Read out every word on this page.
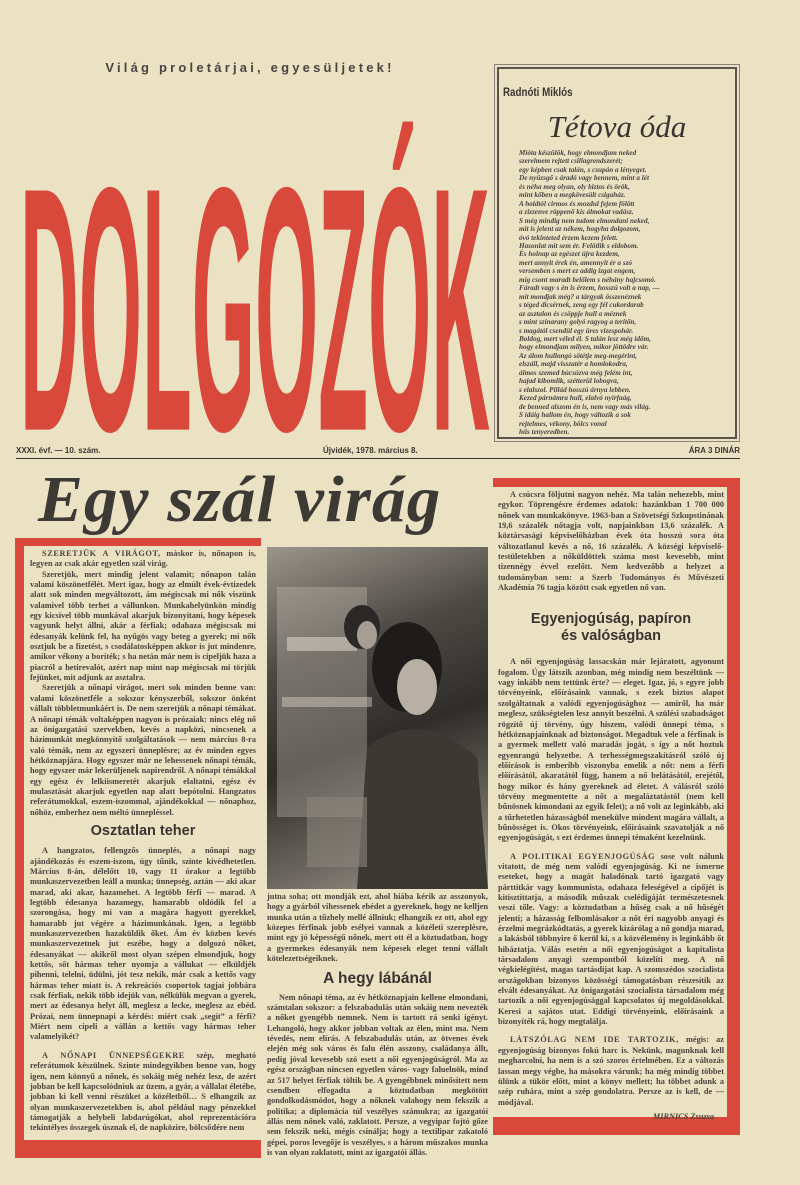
Világ proletárjai, egyesüljetek!
DOLGOZÓK
Radnóti Miklós
Tétova óda
Mióta készülök, hogy elmondjam neked
szerelmem rejtett csillagrendszerét;
egy képben csak talán, s csupán a lényeget.
De nyüzsgő s áradó vagy bennem, mint a lét
és néha meg olyan, oly biztos és örök,
mint kőben a megkövesült csigaház.
A holdtól cirmos és mozdul fejem fölött
a zizzenve röppenő kis álmokat vadász.
S még mindig nem tudom elmondani neked,
mit is jelent az nékem, hogyha dolgozom,
óvó tekinteted érzem kezem felett.
Hasonlat mit sem ér. Felötlik s eldobom.
És holnap az egészet újra kezdem,
mert annyit érek én, amennyit ér a szó
versemben s mert ez addig izgat engem,
míg csont maradt belőlem s néhány hajcsomó.
Fáradt vagy s én is érzem, hosszú volt a nap, —
mit mondjak még? a tárgyak összenéznek
s téged dicsérnek, zeng egy fél cukordarab
az asztalon és csöppje hull a méznek
s mint színarany golyó ragyog a terítőn,
s magától csendül egy üres vizespohár.
Boldog, mert véled él. S talán lesz még időm,
hogy elmondjam milyen, mikor jöttödre vár.
Az álom hullongó sötétje meg-megérint,
elszáll, majd visszatér a homlokodra,
álmos szemed búcsúzva még felém int,
hajad kibomlik, szétterül lobogva,
s elalszol. Pillád hosszú árnya lebben.
Kezed párnámra hull, elalvó nyírfaág,
de benned alszom én is, nem vagy más világ.
S idáig hallom én, hogy változik a sok
rejtelmes, vékony, bölcs vonal
hűs tenyeredben.
XXXI. évf. — 10. szám.	Újvidék, 1978. március 8.	ÁRA 3 DINÁR
Egy szál virág

SZERETJÜK A VIRÁGOT, máskor is, nőnapon is, legyen az csak akár egyetlen szál virág.

Szeretjük, mert mindig jelent valamit; nőnapon talán valami köszönetfélét. Mert igaz, hogy az elmúlt évek-évtizedek alatt sok minden megváltozott, ám mégiscsak mi nők viszünk valamivel több terhet a vállunkon. Munkahelyünkön mindig egy kicsivel több munkával akarjuk bizonyítani, hogy képesek vagyunk helyt állni, akár a férfiak; odahaza mégiscsak mi édesanyák kelünk fel, ha nyűgös vagy beteg a gyerek; mi nők osztjuk be a fizetést, s csodálatosképpen akkor is jut mindenre, amikor vékony a boríték; s ha netán már nem is cipeljük haza a piacról a hetirevalót, azért nap mint nap mégiscsak mi törjük fejünket, mit adjunk az asztalra.

Szeretjük a nőnapi virágot, mert sok minden benne van: valami köszönetféle a sokszor kényszerből, sokszor önként vállalt többletmunkáért is. De nem szeretjük a nőnapi témákat. A nőnapi témák voltaképpen nagyon is prózaiak: nincs elég nő az önigazgatási szervekben, kevés a napközi, nincsenek a házimunkát megkönnyítő szolgáltatások — nem március 8-ra való témák, nem az egyszeri ünneplésre; az év minden egyes hétköznapjára. Hogy egyszer már ne lehessenek nőnapi témák, hogy egyszer már lekerüljenek napirendről. A nőnapi témákkal egy egész év lelkiismeretét akarjuk elaltatni, egész év mulasztását akarjuk egyetlen nap alatt bepótolni. Hangzatos referátumokkal, eszem-iszommal, ajándékokkal — nőnaphoz, nőhöz, emberhez nem méltó ünnepléssel.

Osztatlan teher

A hangzatos, fellengzős ünneplés, a nőnapi nagy ajándékozás és eszem-iszom, úgy tűnik, szinte kivédhetetlen. Március 8-án, délelőtt 10, vagy 11 órakor a legtöbb munkaszervezetben leáll a munka; ünnepség, aztán — aki akar marad, aki akar, hazamehet. A legtöbb férfi — marad. A legtöbb édesanya hazamegy, hamarabb oldódik fel a szorongása, hogy mi van a magára hagyott gyerekkel, hamarabb jut végére a házimunkának. Igen, a legtöbb munkaszervezetben hazaküldik őket. Ám év közben kevés munkaszervezetnek jut eszébe, hogy a dolgozó nőket, édesanyákat — akikről most olyan szépen elmondjuk, hogy kettős, sőt hármas teher nyomja a vállukat — elküldjék pihenni, telelni, üdülni, jót tesz nekik, már csak a kettős vagy hármas teher miatt is. A rekreációs csoportok tagjai jobbára csak férfiak, nekik több idejük van, nélkülük megvan a gyerek, mert az édesanya helyt áll, meglesz a lecke, meglesz az ebéd. Prózai, nem ünnepnapi a kérdés: miért csak „segít” a férfi? Miért nem cipeli a vállán a kettős vagy hármas teher valamelyikét?

A NŐNAPI ÜNNEPSÉGEKRE szép, megható referátumok készülnek. Szinte mindegyikben benne van, hogy igen, nem könnyű a nőnek, és sokáig még nehéz lesz, de azért jobban be kell kapcsolódniuk az üzem, a gyár, a vállalat életébe, jobban ki kell venni részüket a közéletből… S elhangzik az olyan munkaszervezetekben is, ahol például nagy pénzekkel támogatják a helybeli labdarúgókat, ahol reprezentációra tekintélyes összegek úsznak el, de napközire, bölcsődére nem

jutna soha; ott mondják ezt, ahol hiába kérik az asszonyok, hogy a gyárból vihessenek ebédet a gyereknek, hogy ne kelljen munka után a tűzhely mellé állniuk; elhangzik ez ott, ahol egy közepes férfinak jobb esélyei vannak a közéleti szereplésre, mint egy jó képességű nőnek, mert ott él a köztudatban, hogy a gyermekes édesanyák nem képesek eleget tenni vállalt kötelezettségeiknek.

A hegy lábánál

Nem nőnapi téma, az év hétköznapjain kellene elmondani, számtalan sokszor: a felszabadulás után sokáig nem nevezték a nőket gyengébb nemnek. Nem is tartott rá senki igényt. Lehangoló, hogy akkor jobban voltak az élen, mint ma. Nem tévedés, nem elírás. A felszabadulás után, az ötvenes évek elején még sok város és falu élén asszony, családanya állt, pedig jóval kevesebb szó esett a női egyenjogúságról. Ma az egész országban nincsen egyetlen város- vagy faluelnök, mind az 517 helyet férfiak töltik be. A gyengébbnek minősített nem csendben elfogadta a köztudatban megkötött gondolkodásmódot, hogy a nőknek valahogy nem fekszik a politika; a diplomácia túl veszélyes számukra; az igazgatói állás nem nőnek való, zaklatott. Persze, a vegyipar fojtó gőze sem fekszik neki, mégis csinálja; hogy a textilipar zakatoló gépei, poros levegője is veszélyes, s a három műszakos munka is van olyan zaklatott, mint az igazgatói állás.

A csúcsra följutni nagyon nehéz. Ma talán nehezebb, mint egykor. Töprengésre érdemes adatok: hazánkban 1 700 000 nőnek van munkakönyve. 1963-ban a Szövetségi Szkupstinának 19,6 százalék nőtagja volt, napjainkban 13,6 százalék. A köztársasági képviselőházban évek óta hosszú sora óta változatlanul kevés a nő, 16 százalék. A községi képviselő-testületekben a nőküldöttek száma most kevesebb, mint tizennégy évvel ezelőtt. Nem kedvezőbb a helyzet a tudományban sem: a Szerb Tudományos és Művészeti Akadémia 76 tagja között csak egyetlen nő van.

Egyenjogúság, papíron
és valóságban

A női egyenjogúság lassacskán már lejáratott, agyonunt fogalom. Úgy látszik azonban, még mindig nem beszéltünk — vagy inkább nem tettünk érte? — eleget. Igaz, jó, s egyre jobb törvényeink, előírásaink vannak, s ezek biztos alapot szolgáltatnak a valódi egyenjogúsághoz — amiről, ha már meglesz, szükségtelen lesz annyit beszélni. A szülési szabadságot rögzítő új törvény, úgy hiszem, valódi ünnepi téma, s hétköznapjainknak ad biztonságot. Megadtuk vele a férfinak is a gyermek mellett való maradás jogát, s így a nőt hoztuk egyenrangú helyzetbe. A terhességmegszakításról szóló új előírások is emberibb viszonyba emelik a nőt: nem a férfi előírásától, akaratától függ, hanem a nő belátásától, erejétől, hogy mikor és hány gyereknek ad életet. A válásról szóló törvény megmentette a nőt a megaláztatástól (nem kell bűnösnek kimondani az egyik felet); a nő volt az leginkább, aki a tűrhetetlen házasságból menekülve mindent magára vállalt, a bűnösséget is. Okos törvényeink, előírásaink szavatolják a nő egyenjogúságát, s ezt érdemes ünnepi témaként kezelnünk.

A POLITIKAI EGYENJOGÚSÁG sose volt nálunk vitatott, de még nem valódi egyenjogúság. Ki ne ismerne eseteket, hogy a magát haladónak tartó igazgató vagy párttitkár vagy kommunista, odahaza feleségével a cipőjét is kitisztíttatja, a második műszak cselédigáját természetesnek veszi tőle. Vagy: a köztudatban a hűség csak a nő hűségét jelenti; a házasság felbomlásakor a nőt éri nagyobb anyagi és érzelmi megrázkódtatás, a gyerek kizárólag a nő gondja marad, a lakásból többnyire ő kerül ki, s a közvélemény is leginkább őt hibáztatja. Válás esetén a női egyenjogúságot a kapitalista társadalom anyagi szempontból közelíti meg. A nő végkielégítést, magas tartásdíjat kap. A szomszédos szocialista országokban bizonyos közösségi támogatásban részesítik az elvált édesanyákat. Az önigazgatási szocialista társadalom még tartozik a női egyenjogúsággal kapcsolatos új megoldásokkal. Keresi a sajátos utat. Eddigi törvényeink, előírásaink a bizonyíték rá, hogy megtalálja.

LÁTSZÓLAG NEM IDE TARTOZIK, mégis: az egyenjogúság bizonyos fokú harc is. Nekünk, magunknak kell megharcolni, ha nem is a szó szoros értelmében. Ez a változás lassan megy végbe, ha másokra várunk; ha még mindig többet ülünk a tükör előtt, mint a könyv mellett; ha többet adunk a szép ruhára, mint a szép gondolatra. Persze az is kell, de — módjával.

MIRNICS Zsuzsa
